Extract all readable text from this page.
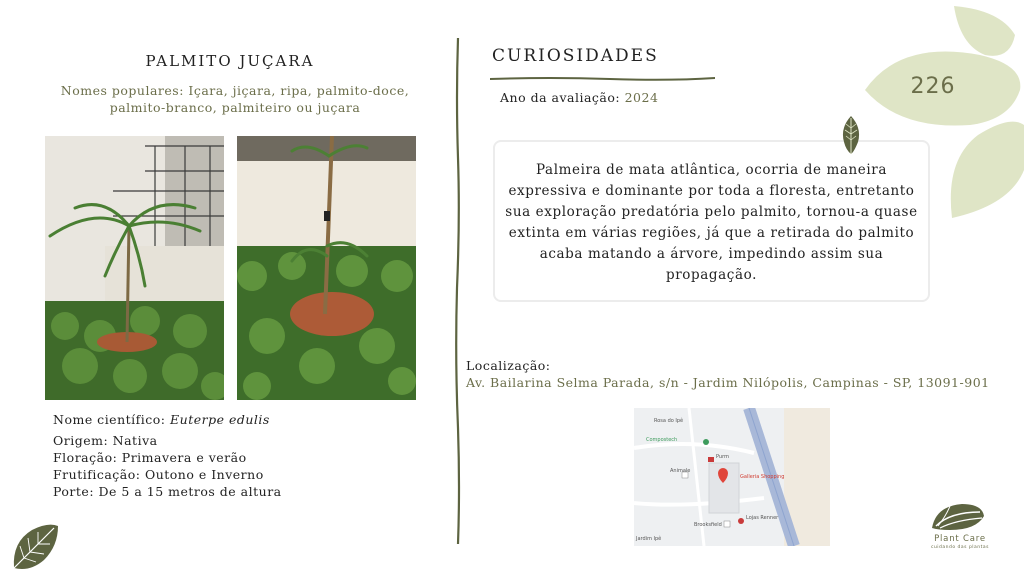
PALMITO JUÇARA
Nomes populares: Içara, jiçara, ripa, palmito-doce, palmito-branco, palmiteiro ou juçara
Nome científico: Euterpe edulis
Origem: Nativa
Floração: Primavera e verão
Frutificação: Outono e Inverno
Porte: De 5 a 15 metros de altura
CURIOSIDADES
Ano da avaliação: 2024
Palmeira de mata atlântica, ocorria de maneira expressiva e dominante por toda a floresta, entretanto sua exploração predatória pelo palmito, tornou-a quase extinta em várias regiões, já que a retirada do palmito acaba matando a árvore, impedindo assim sua propagação.
Localização:
Av. Bailarina Selma Parada, s/n - Jardim Nilópolis, Campinas - SP, 13091-901
Rosa do Ipê
Compostech
Purm
Galleria Shopping
Animale
Lojas Renner
Brooksfield
Jardim Ipê
226
Plant Care
cuidando das plantas
